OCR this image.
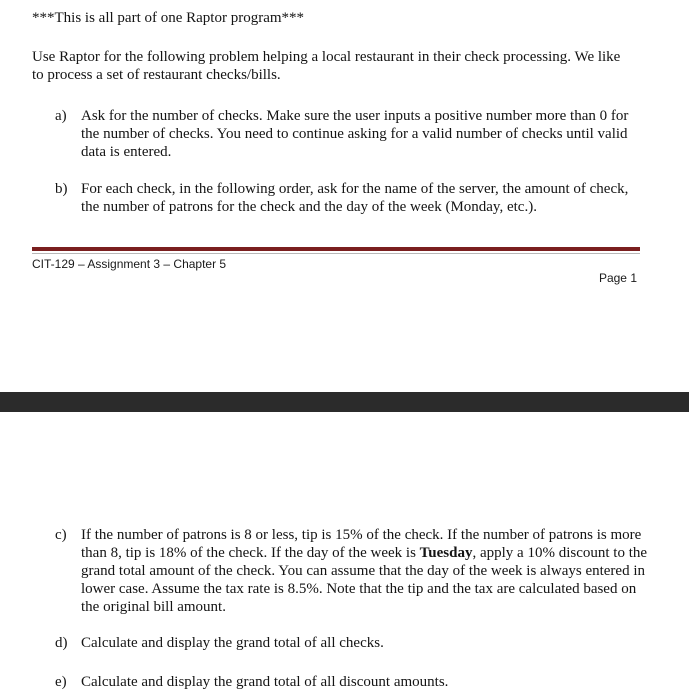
***This is all part of one Raptor program***
Use Raptor for the following problem helping a local restaurant in their check processing. We like to process a set of restaurant checks/bills.
a) Ask for the number of checks. Make sure the user inputs a positive number more than 0 for the number of checks. You need to continue asking for a valid number of checks until valid data is entered.
b) For each check, in the following order, ask for the name of the server, the amount of check, the number of patrons for the check and the day of the week (Monday, etc.).
CIT-129 – Assignment 3 – Chapter 5
Page 1
c) If the number of patrons is 8 or less, tip is 15% of the check. If the number of patrons is more than 8, tip is 18% of the check. If the day of the week is Tuesday, apply a 10% discount to the grand total amount of the check. You can assume that the day of the week is always entered in lower case. Assume the tax rate is 8.5%. Note that the tip and the tax are calculated based on the original bill amount.
d) Calculate and display the grand total of all checks.
e) Calculate and display the grand total of all discount amounts.
